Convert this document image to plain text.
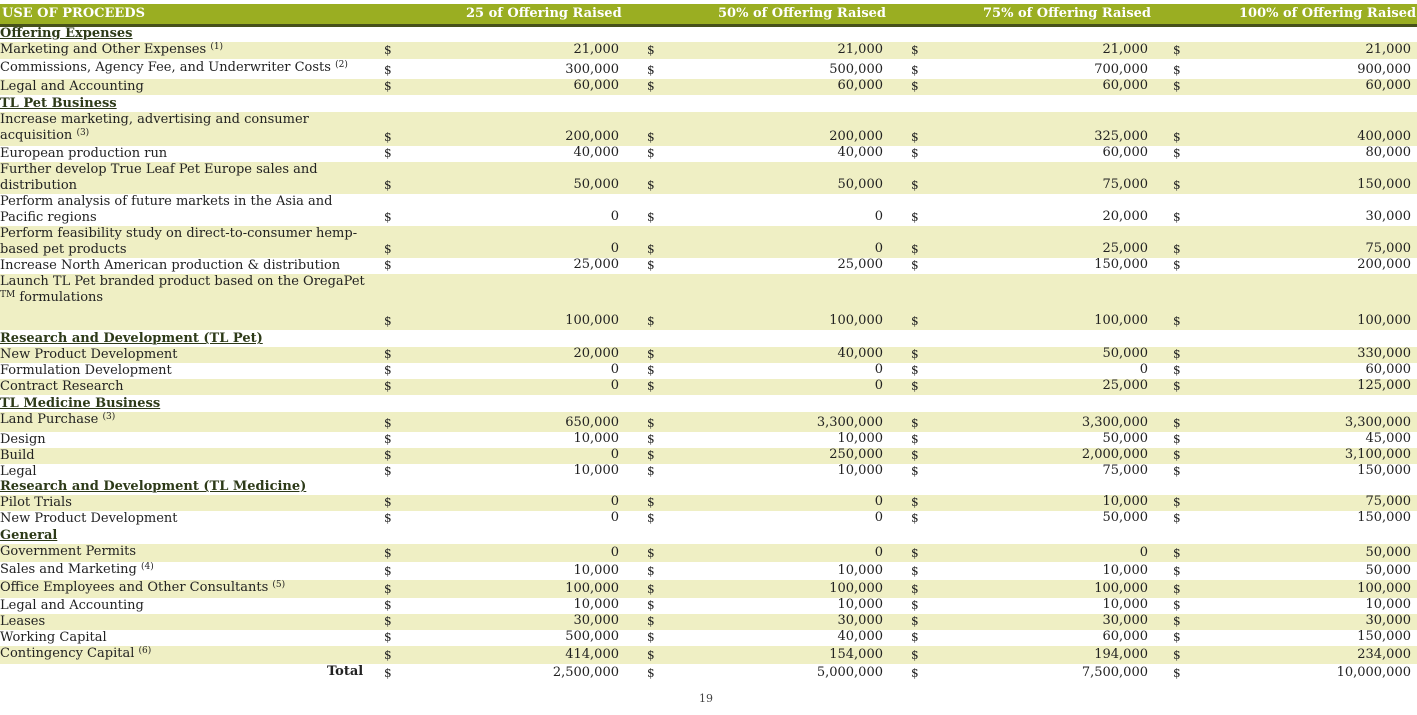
USE OF PROCEEDS	25 of Offering Raised	50% of Offering Raised	75% of Offering Raised	100% of Offering Raised
Offering Expenses
Marketing and Other Expenses $^{(1)}$	$	21,000 $	21,000 $	21,000 $	21,000
Commissions, Agency Fee, and Underwriter Costs $^{(2)}$	$	300,000 $	500,000 $	700,000 $	900,000
Legal and Accounting	$	60,000 $	60,000 $	60,000 $	60,000
TL Pet Business
Increase marketing, advertising and consumer acquisition $^{(3)}$	$	200,000 $	200,000 $	325,000 $	400,000
European production run	$	40,000 $	40,000 $	60,000 $	80,000
Further develop True Leaf Pet Europe sales and distribution	$	50,000 $	50,000 $	75,000 $	150,000
Perform analysis of future markets in the Asia and Pacific regions	$	0 $	0 $	20,000 $	30,000
Perform feasibility study on direct-to-consumer hemp-based pet products	$	0 $	0 $	25,000 $	75,000
Increase North American production & distribution	$	25,000 $	25,000 $	150,000 $	200,000
Launch TL Pet branded product based on the OregaPet
™ formulations
$	100,000 $	100,000 $	100,000 $	100,000
Research and Development (TL Pet)
New Product Development	$	20,000 $	40,000 $	50,000 $	330,000
Formulation Development	$	0 $	0 $	0 $	60,000
Contract Research	$	0 $	0 $	25,000 $	125,000
TL Medicine Business
Land Purchase $^{(3)}$	$	650,000 $	3,300,000 $	3,300,000 $	3,300,000
Design	$	10,000 $	10,000 $	50,000 $	45,000
Build	$	0 $	250,000 $	2,000,000 $	3,100,000
Legal	$	10,000 $	10,000 $	75,000 $	150,000
Research and Development (TL Medicine)
Pilot Trials	$	0 $	0 $	10,000 $	75,000
New Product Development	$	0 $	0 $	50,000 $	150,000
General
Government Permits	$	0 $	0 $	0 $	50,000
Sales and Marketing $^{(4)}$	$	10,000 $	10,000 $	10,000 $	50,000
Office Employees and Other Consultants $^{(5)}$	$	100,000 $	100,000 $	100,000 $	100,000
Legal and Accounting	$	10,000 $	10,000 $	10,000 $	10,000
Leases	$	30,000 $	30,000 $	30,000 $	30,000
Working Capital	$	500,000 $	40,000 $	60,000 $	150,000
Contingency Capital $^{(6)}$	$	414,000 $	154,000 $	194,000 $	234,000
Total $	2,500,000 $	5,000,000 $	7,500,000 $	10,000,000
19
